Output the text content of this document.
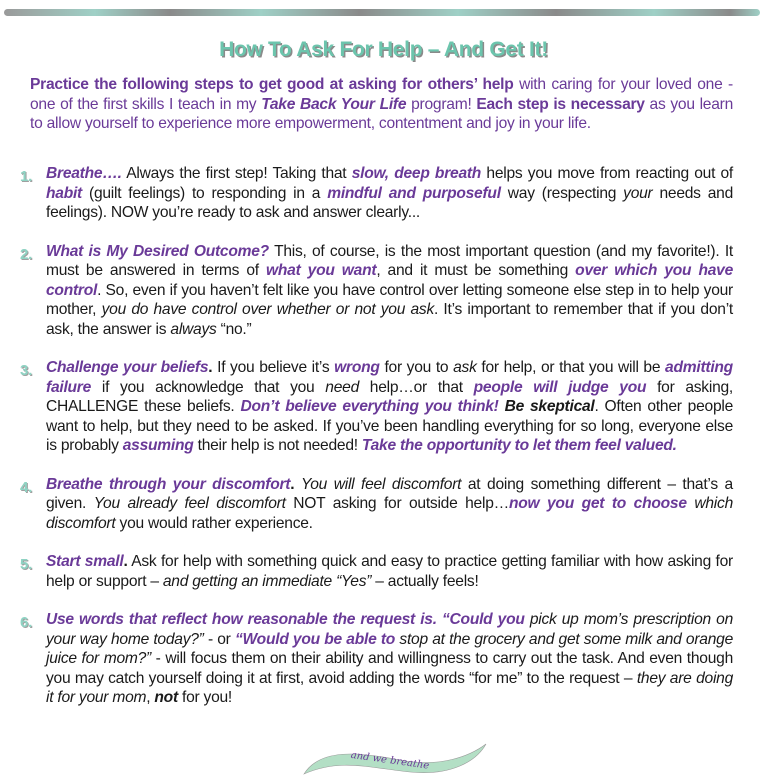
How To Ask For Help – And Get It!

Practice the following steps to get good at asking for others’ help with caring for your loved one - one of the first skills I teach in my Take Back Your Life program! Each step is necessary as you learn to allow yourself to experience more empowerment, contentment and joy in your life.

1. Breathe…. Always the first step! Taking that slow, deep breath helps you move from reacting out of habit (guilt feelings) to responding in a mindful and purposeful way (respecting your needs and feelings). NOW you’re ready to ask and answer clearly...
2. What is My Desired Outcome? This, of course, is the most important question (and my favorite!). It must be answered in terms of what you want, and it must be something over which you have control. So, even if you haven’t felt like you have control over letting someone else step in to help your mother, you do have control over whether or not you ask. It’s important to remember that if you don’t ask, the answer is always “no.”
3. Challenge your beliefs. If you believe it’s wrong for you to ask for help, or that you will be admitting failure if you acknowledge that you need help…or that people will judge you for asking, CHALLENGE these beliefs. Don’t believe everything you think! Be skeptical. Often other people want to help, but they need to be asked. If you’ve been handling everything for so long, everyone else is probably assuming their help is not needed! Take the opportunity to let them feel valued.
4. Breathe through your discomfort. You will feel discomfort at doing something different – that’s a given. You already feel discomfort NOT asking for outside help…now you get to choose which discomfort you would rather experience.
5. Start small. Ask for help with something quick and easy to practice getting familiar with how asking for help or support – and getting an immediate “Yes” – actually feels!
6. Use words that reflect how reasonable the request is. “Could you pick up mom’s prescription on your way home today?” - or “Would you be able to stop at the grocery and get some milk and orange juice for mom?” - will focus them on their ability and willingness to carry out the task. And even though you may catch yourself doing it at first, avoid adding the words “for me” to the request – they are doing it for your mom, not for you!
and we breathe
